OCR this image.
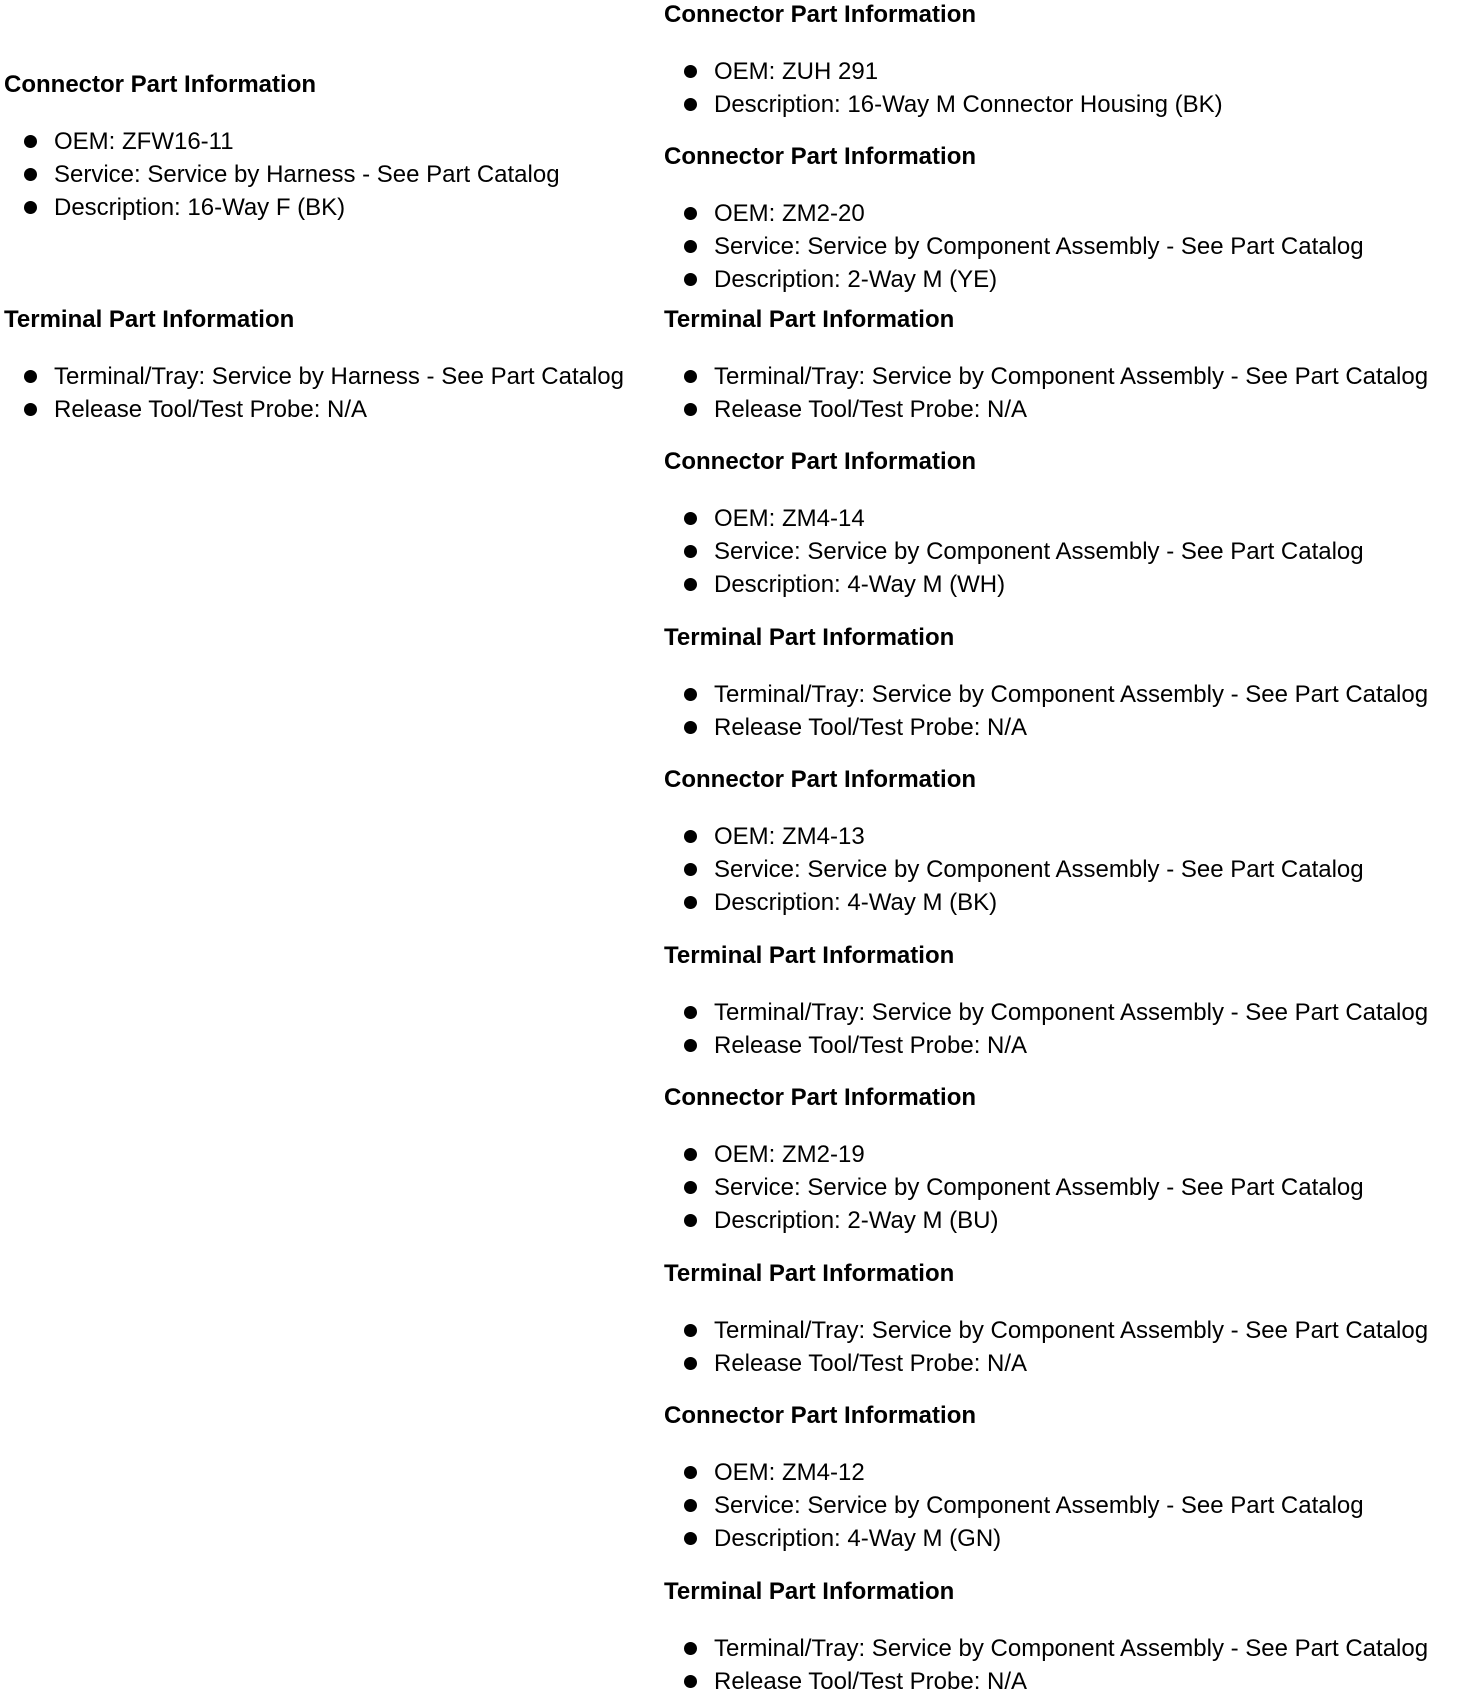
Connector Part Information
OEM: ZFW16-11
Service: Service by Harness - See Part Catalog
Description: 16-Way F (BK)
Terminal Part Information
Terminal/Tray: Service by Harness - See Part Catalog
Release Tool/Test Probe: N/A
Connector Part Information
OEM: ZUH 291
Description: 16-Way M Connector Housing (BK)
Connector Part Information
OEM: ZM2-20
Service: Service by Component Assembly - See Part Catalog
Description: 2-Way M (YE)
Terminal Part Information
Terminal/Tray: Service by Component Assembly - See Part Catalog
Release Tool/Test Probe: N/A
Connector Part Information
OEM: ZM4-14
Service: Service by Component Assembly - See Part Catalog
Description: 4-Way M (WH)
Terminal Part Information
Terminal/Tray: Service by Component Assembly - See Part Catalog
Release Tool/Test Probe: N/A
Connector Part Information
OEM: ZM4-13
Service: Service by Component Assembly - See Part Catalog
Description: 4-Way M (BK)
Terminal Part Information
Terminal/Tray: Service by Component Assembly - See Part Catalog
Release Tool/Test Probe: N/A
Connector Part Information
OEM: ZM2-19
Service: Service by Component Assembly - See Part Catalog
Description: 2-Way M (BU)
Terminal Part Information
Terminal/Tray: Service by Component Assembly - See Part Catalog
Release Tool/Test Probe: N/A
Connector Part Information
OEM: ZM4-12
Service: Service by Component Assembly - See Part Catalog
Description: 4-Way M (GN)
Terminal Part Information
Terminal/Tray: Service by Component Assembly - See Part Catalog
Release Tool/Test Probe: N/A
